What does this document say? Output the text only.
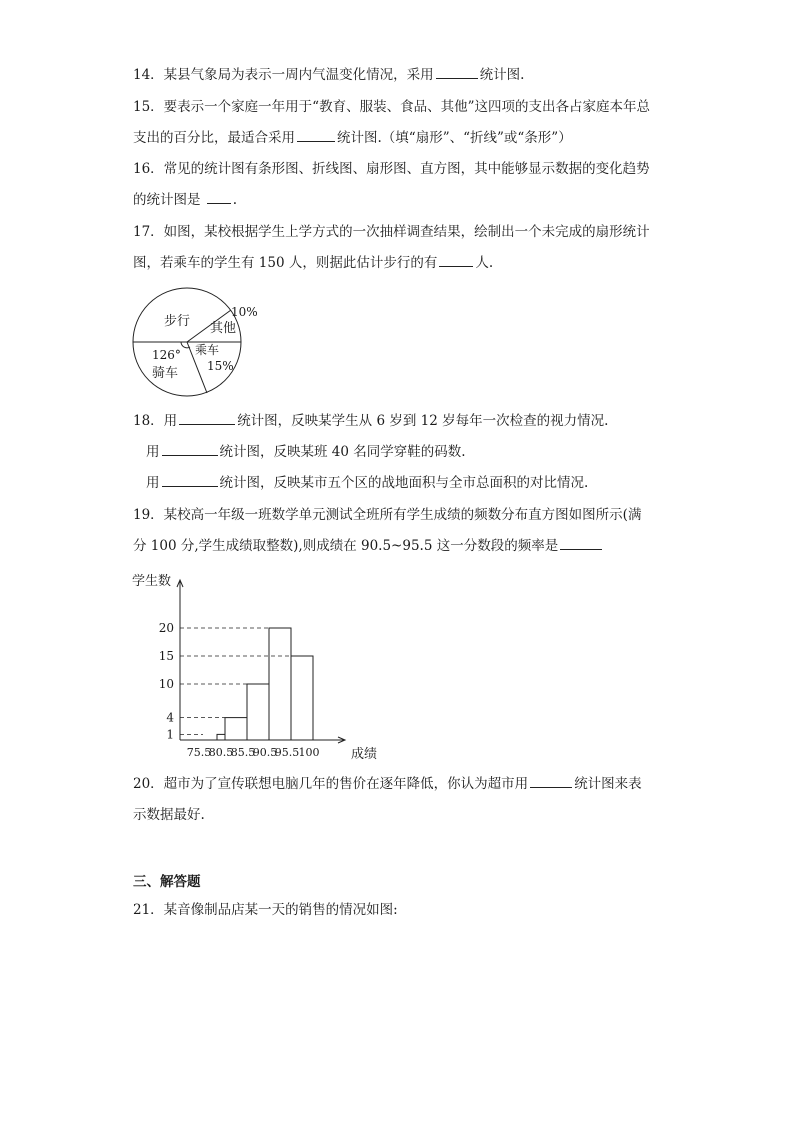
14．某县气象局为表示一周内气温变化情况，采用	统计图.
15．要表示一个家庭一年用于“教育、服装、食品、其他”这四项的支出各占家庭本年总
支出的百分比，最适合采用	统计图.（填“扇形”、“折线”或“条形”）
16．常见的统计图有条形图、折线图、扇形图、直方图，其中能够显示数据的变化趋势
的统计图是 .
17．如图，某校根据学生上学方式的一次抽样调查结果，绘制出一个未完成的扇形统计
图，若乘车的学生有 150 人，则据此估计步行的有	人.
步行
10%
其他
乘车
15%
126°
骑车
18．用	统计图，反映某学生从 6 岁到 12 岁每年一次检查的视力情况.
用	统计图，反映某班 40 名同学穿鞋的码数.
用	统计图，反映某市五个区的战地面积与全市总面积的对比情况.
19．某校高一年级一班数学单元测试全班所有学生成绩的频数分布直方图如图所示(满
分 100 分,学生成绩取整数),则成绩在 90.5~95.5 这一分数段的频率是
学生数
成绩
1
4
10
15
20
75.5
80.5
85.5
90.5
95.5 100
20．超市为了宣传联想电脑几年的售价在逐年降低，你认为超市用	统计图来表
示数据最好.
三、解答题
21．某音像制品店某一天的销售的情况如图:
